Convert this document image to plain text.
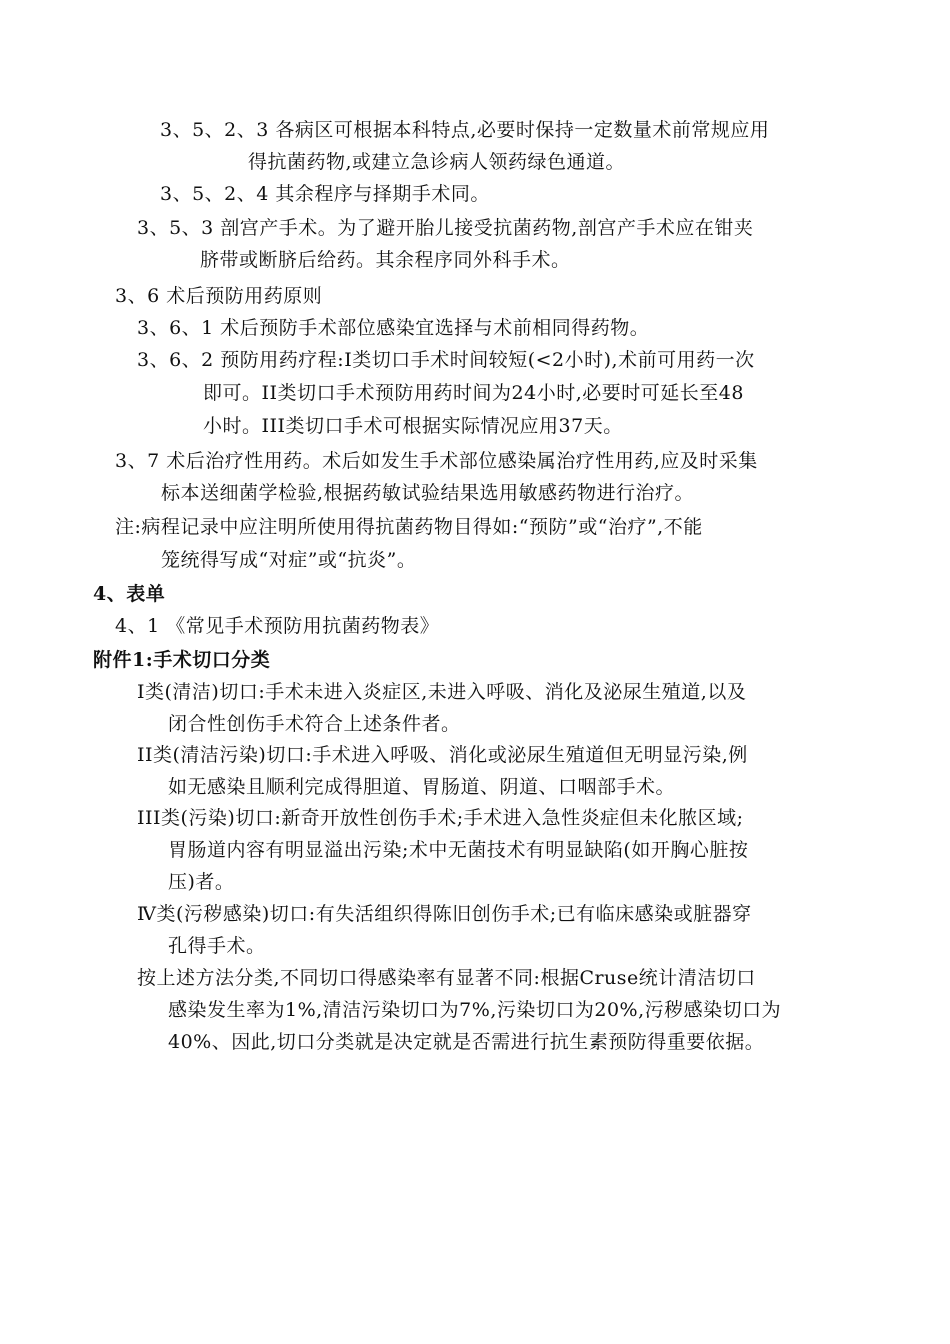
3、5、2、3 各病区可根据本科特点,必要时保持一定数量术前常规应用
得抗菌药物,或建立急诊病人领药绿色通道。
3、5、2、4 其余程序与择期手术同。
3、5、3 剖宫产手术。为了避开胎儿接受抗菌药物,剖宫产手术应在钳夹
脐带或断脐后给药。其余程序同外科手术。
3、6 术后预防用药原则
3、6、1 术后预防手术部位感染宜选择与术前相同得药物。
3、6、2 预防用药疗程:I类切口手术时间较短(<2小时),术前可用药一次
即可。II类切口手术预防用药时间为24小时,必要时可延长至48
小时。III类切口手术可根据实际情况应用37天。
3、7 术后治疗性用药。术后如发生手术部位感染属治疗性用药,应及时采集
标本送细菌学检验,根据药敏试验结果选用敏感药物进行治疗。
注:病程记录中应注明所使用得抗菌药物目得如:“预防”或“治疗”,不能
笼统得写成“对症”或“抗炎”。
4、表单
4、1 《常见手术预防用抗菌药物表》
附件1:手术切口分类
I类(清洁)切口:手术未进入炎症区,未进入呼吸、消化及泌尿生殖道,以及
闭合性创伤手术符合上述条件者。
II类(清洁污染)切口:手术进入呼吸、消化或泌尿生殖道但无明显污染,例
如无感染且顺利完成得胆道、胃肠道、阴道、口咽部手术。
III类(污染)切口:新奇开放性创伤手术;手术进入急性炎症但未化脓区域;
胃肠道内容有明显溢出污染;术中无菌技术有明显缺陷(如开胸心脏按
压)者。
Ⅳ类(污秽感染)切口:有失活组织得陈旧创伤手术;已有临床感染或脏器穿
孔得手术。
按上述方法分类,不同切口得感染率有显著不同:根据Cruse统计清洁切口
感染发生率为1%,清洁污染切口为7%,污染切口为20%,污秽感染切口为
40%、因此,切口分类就是决定就是否需进行抗生素预防得重要依据。
